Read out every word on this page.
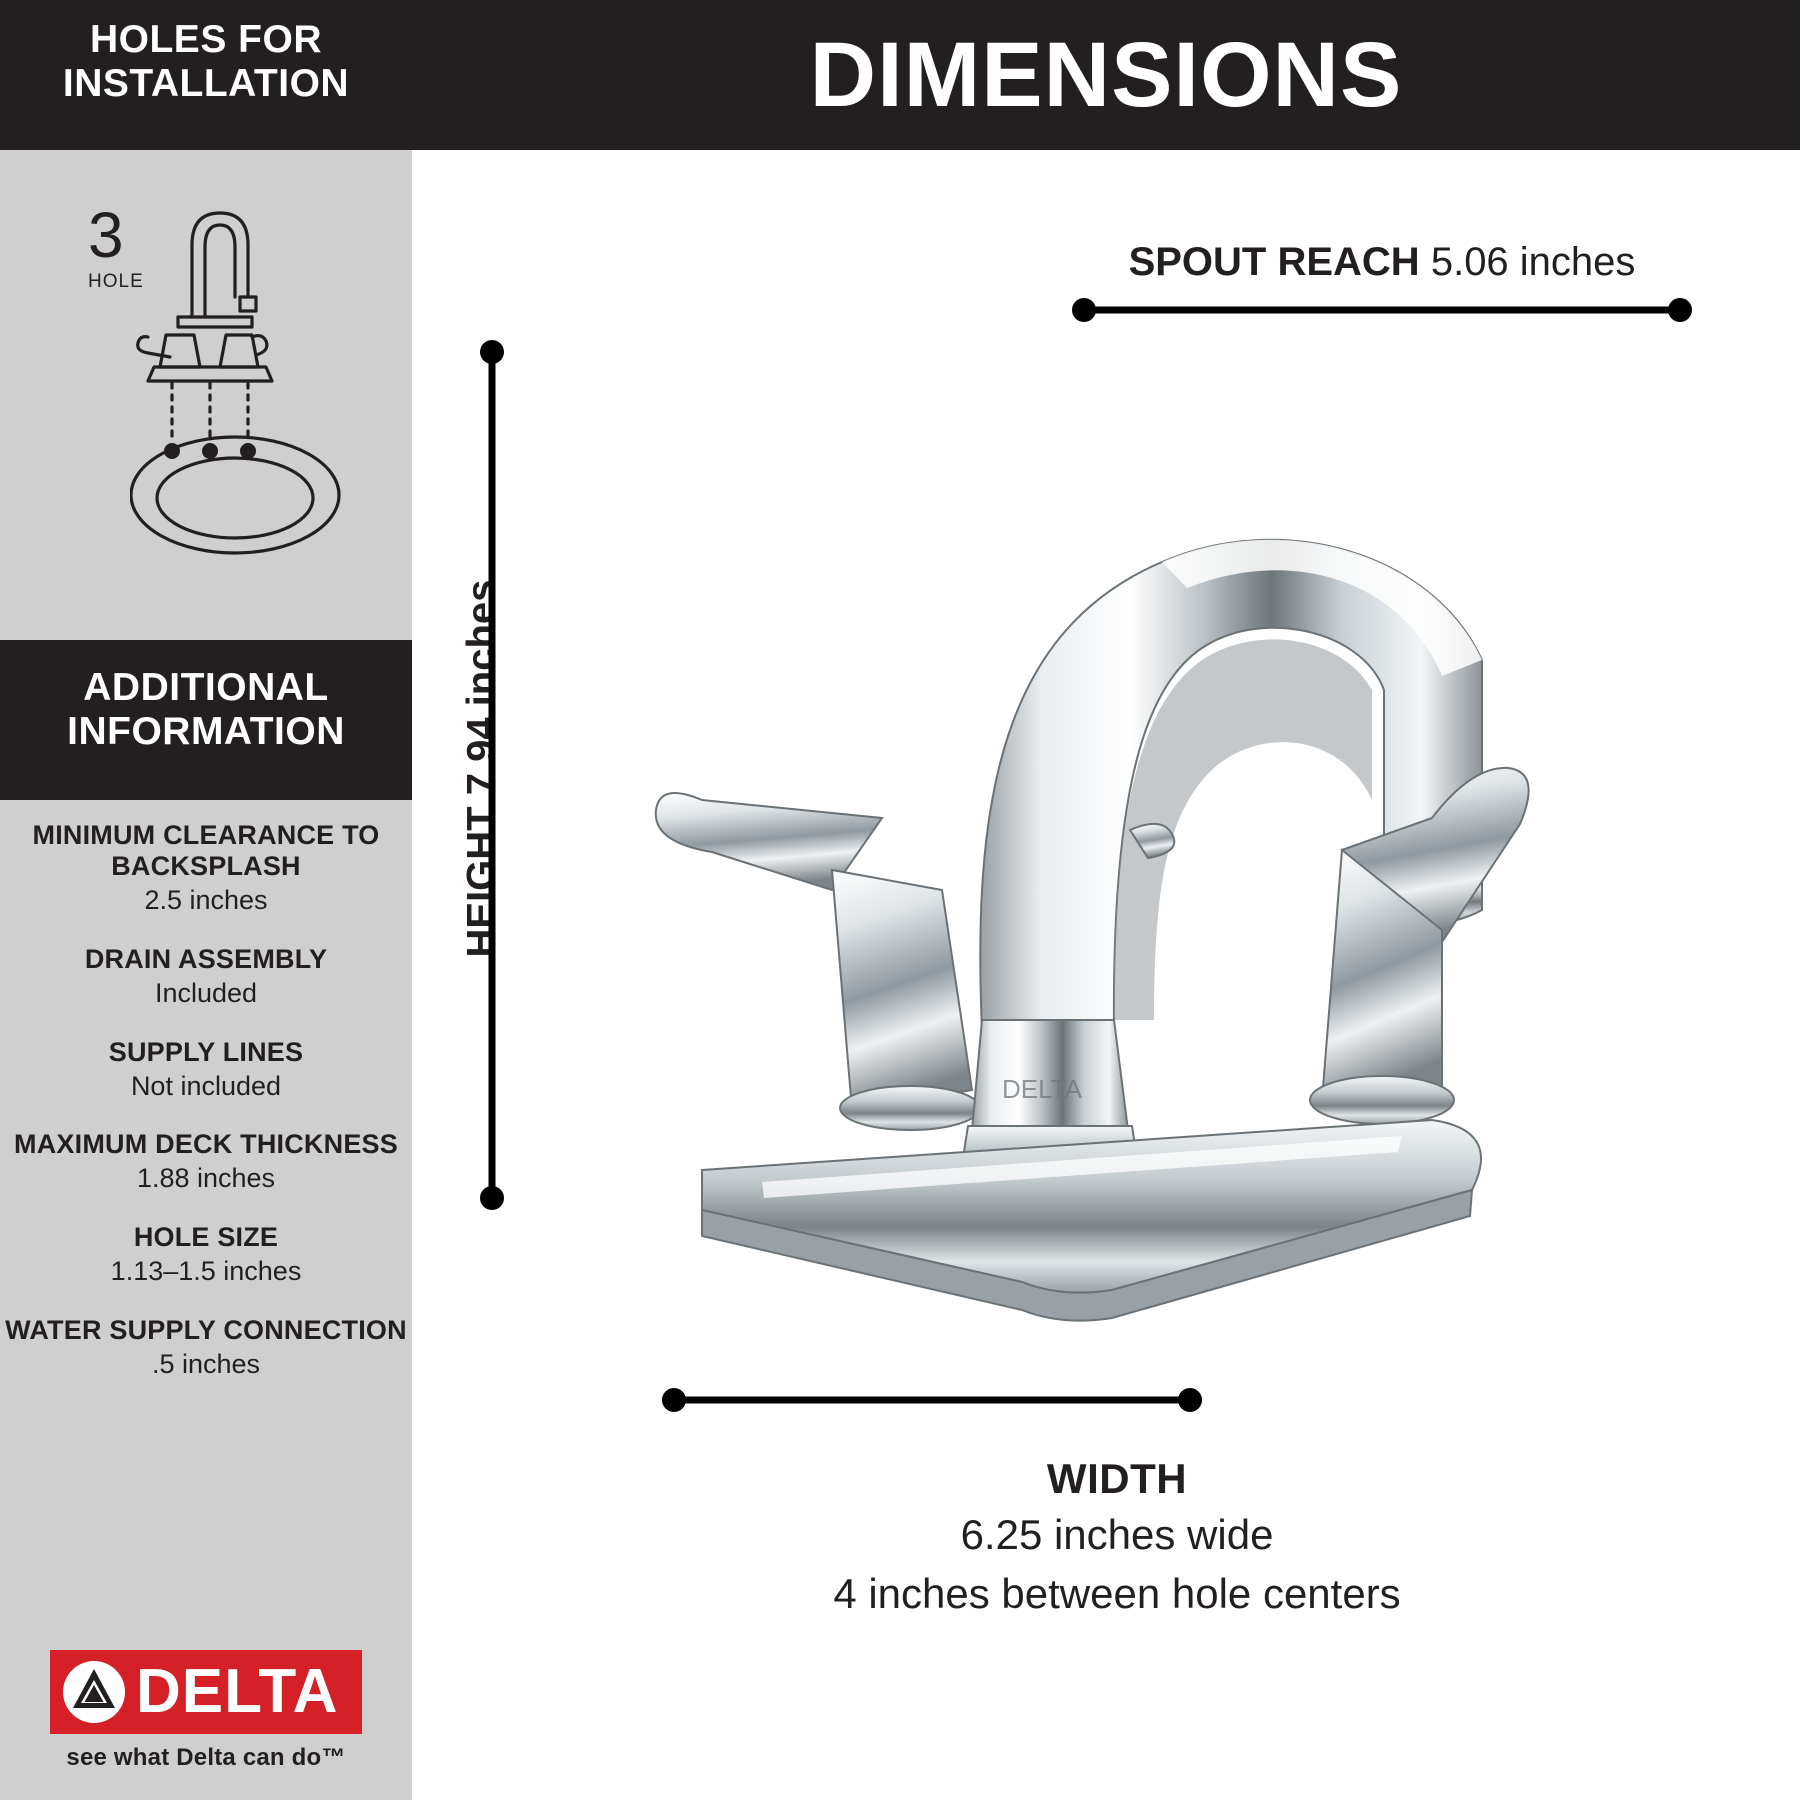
HOLES FOR
INSTALLATION
3
HOLE
ADDITIONAL
INFORMATION
MINIMUM CLEARANCE TO BACKSPLASH
2.5 inches
DRAIN ASSEMBLY
Included
SUPPLY LINES
Not included
MAXIMUM DECK THICKNESS
1.88 inches
HOLE SIZE
1.13–1.5 inches
WATER SUPPLY CONNECTION
.5 inches
DELTA
see what Delta can do™
DIMENSIONS
SPOUT REACH 5.06 inches
HEIGHT 7.94 inches
DELTA
WIDTH
6.25 inches wide
4 inches between hole centers
